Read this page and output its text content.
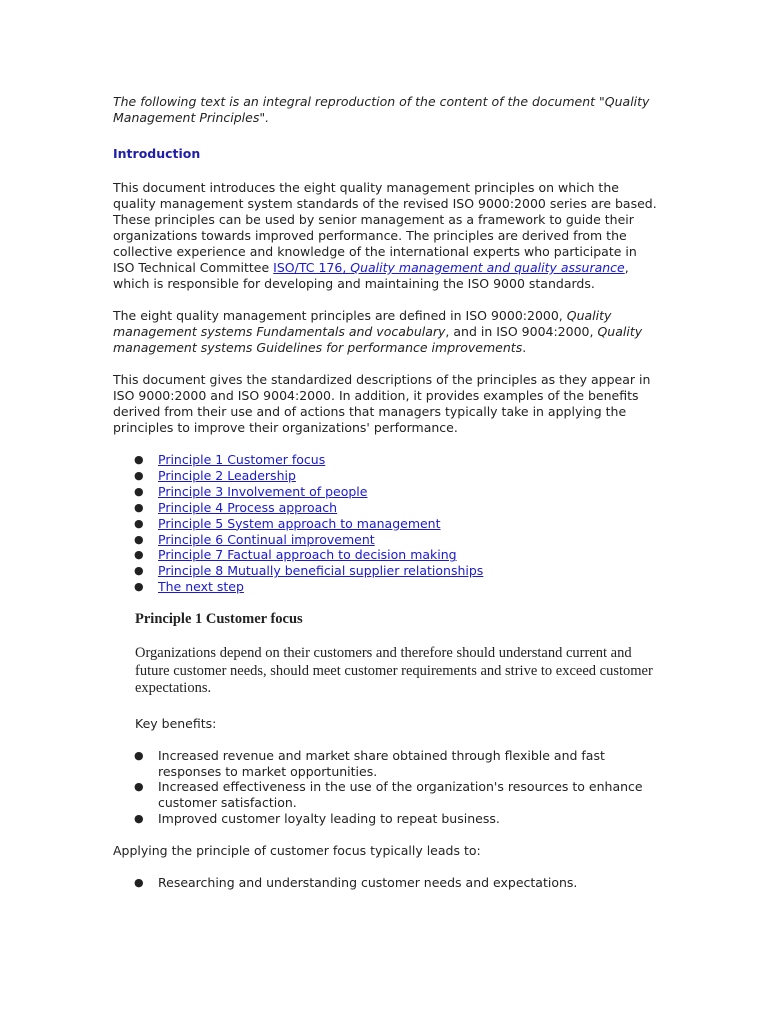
The following text is an integral reproduction of the content of the document "Quality Management Principles".

Introduction

This document introduces the eight quality management principles on which the quality management system standards of the revised ISO 9000:2000 series are based. These principles can be used by senior management as a framework to guide their organizations towards improved performance. The principles are derived from the collective experience and knowledge of the international experts who participate in ISO Technical Committee ISO/TC 176, Quality management and quality assurance, which is responsible for developing and maintaining the ISO 9000 standards.

The eight quality management principles are defined in ISO 9000:2000, Quality management systems Fundamentals and vocabulary, and in ISO 9004:2000, Quality management systems Guidelines for performance improvements.

This document gives the standardized descriptions of the principles as they appear in ISO 9000:2000 and ISO 9004:2000. In addition, it provides examples of the benefits derived from their use and of actions that managers typically take in applying the principles to improve their organizations' performance.

● Principle 1 Customer focus
● Principle 2 Leadership
● Principle 3 Involvement of people
● Principle 4 Process approach
● Principle 5 System approach to management
● Principle 6 Continual improvement
● Principle 7 Factual approach to decision making
● Principle 8 Mutually beneficial supplier relationships
● The next step
Principle 1 Customer focus

Organizations depend on their customers and therefore should understand current and future customer needs, should meet customer requirements and strive to exceed customer expectations.

Key benefits:

● Increased revenue and market share obtained through flexible and fast responses to market opportunities.
● Increased effectiveness in the use of the organization's resources to enhance customer satisfaction.
● Improved customer loyalty leading to repeat business.

Applying the principle of customer focus typically leads to:

● Researching and understanding customer needs and expectations.
